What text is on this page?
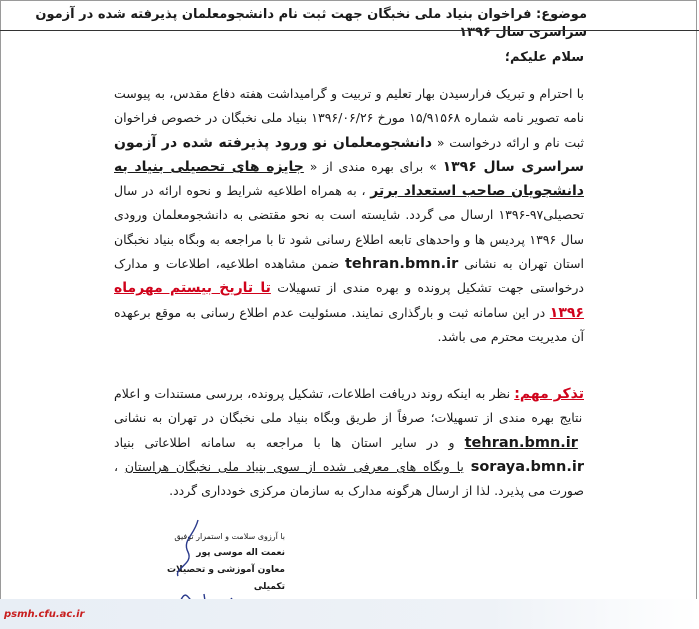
موضوع: فراخوان بنیاد ملی نخبگان جهت ثبت نام دانشجومعلمان پذیرفته شده در آزمون سراسری سال ۱۳۹۶
سلام علیکم؛
با احترام و تبریک فرارسیدن بهار تعلیم و تربیت و گرامیداشت هفته دفاع مقدس، به پیوست نامه تصویر نامه شماره ۱۵/۹۱۵۶۸ مورخ ۱۳۹۶/۰۶/۲۶ بنیاد ملی نخبگان در خصوص فراخوان ثبت نام و ارائه درخواست « دانشجومعلمان نو ورود پذیرفته شده در آزمون سراسری سال ۱۳۹۶ » برای بهره مندی از « جایزه های تحصیلی بنیاد به دانشجویان صاحب استعداد برتر ، به همراه اطلاعیه شرایط و نحوه ارائه در سال تحصیلی۹۷-۱۳۹۶ ارسال می گردد. شایسته است به نحو مقتضی به دانشجومعلمان ورودی سال ۱۳۹۶ پردیس ها و واحدهای تابعه اطلاع رسانی شود تا با مراجعه به وبگاه بنیاد نخبگان استان تهران به نشانی tehran.bmn.ir ضمن مشاهده اطلاعیه، اطلاعات و مدارک درخواستی جهت تشکیل پرونده و بهره مندی از تسهیلات تا تاریخ بیستم مهرماه ۱۳۹۶ در این سامانه ثبت و بارگذاری نمایند. مسئولیت عدم اطلاع رسانی به موقع برعهده آن مدیریت محترم می باشد.
تذکر مهم: نظر به اینکه روند دریافت اطلاعات، تشکیل پرونده، بررسی مستندات و اعلام نتایج بهره مندی از تسهیلات؛ صرفاً از طریق وبگاه بنیاد ملی نخبگان در تهران به نشانی tehran.bmn.ir و در سایر استان ها با مراجعه به سامانه اطلاعاتی بنیاد soraya.bmn.ir یا وبگاه های معرفی شده از سوی بنیاد ملی نخبگان هراستان ، صورت می پذیرد. لذا از ارسال هرگونه مدارک به سازمان مرکزی خودداری گردد.
با آرزوی سلامت و استمرار توفیق
نعمت اله موسی پور
معاون آموزشی و تحصیلات تکمیلی
psmh.cfu.ac.ir
